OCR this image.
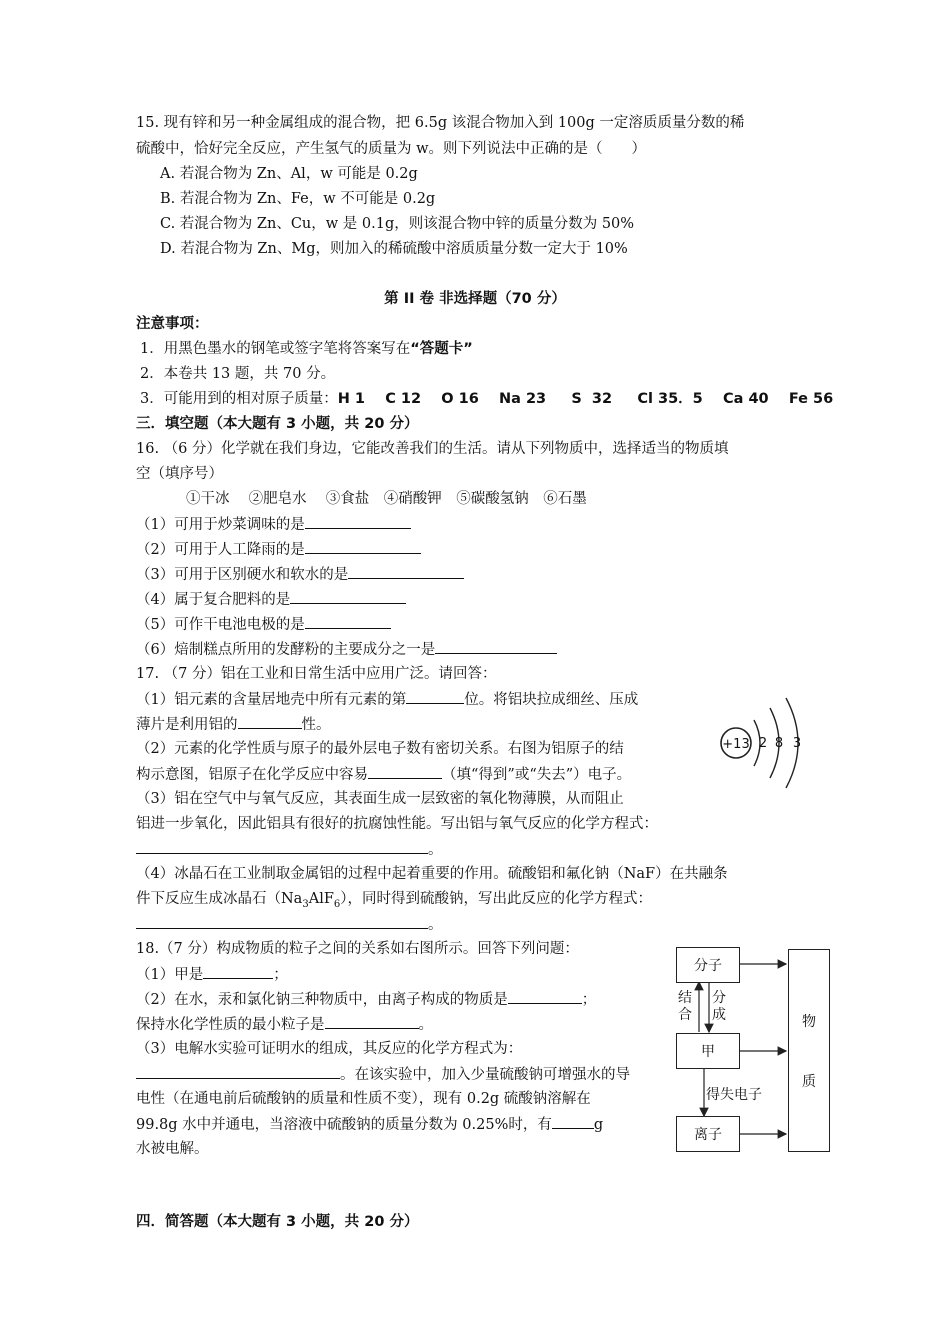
15. 现有锌和另一种金属组成的混合物，把 6.5g 该混合物加入到 100g 一定溶质质量分数的稀
硫酸中，恰好完全反应，产生氢气的质量为 w。则下列说法中正确的是（　　）
A. 若混合物为 Zn、Al，w 可能是 0.2g
B. 若混合物为 Zn、Fe，w 不可能是 0.2g
C. 若混合物为 Zn、Cu，w 是 0.1g，则该混合物中锌的质量分数为 50%
D. 若混合物为 Zn、Mg，则加入的稀硫酸中溶质质量分数一定大于 10%
第 II 卷 非选择题（70 分）
注意事项：
1．用黑色墨水的钢笔或签字笔将答案写在“答题卡”
2．本卷共 13 题，共 70 分。
3．可能用到的相对原子质量：H 1    C 12    O 16    Na 23     S  32     Cl 35．5    Ca 40    Fe 56
三．填空题（本大题有 3 小题，共 20 分）
16. （6 分）化学就在我们身边，它能改善我们的生活。请从下列物质中，选择适当的物质填
空（填序号）
①干冰　 ②肥皂水　 ③食盐　④硝酸钾　⑤碳酸氢钠　⑥石墨
（1）可用于炒菜调味的是
（2）可用于人工降雨的是
（3）可用于区别硬水和软水的是
（4）属于复合肥料的是
（5）可作干电池电极的是
（6）焙制糕点所用的发酵粉的主要成分之一是
17. （7 分）铝在工业和日常生活中应用广泛。请回答：
（1）铝元素的含量居地壳中所有元素的第	位。将铝块拉成细丝、压成
薄片是利用铝的	性。
（2）元素的化学性质与原子的最外层电子数有密切关系。右图为铝原子的结
构示意图，铝原子在化学反应中容易	（填“得到”或“失去”）电子。
（3）铝在空气中与氧气反应，其表面生成一层致密的氧化物薄膜，从而阻止
铝进一步氧化，因此铝具有很好的抗腐蚀性能。写出铝与氧气反应的化学方程式：
。
（4）冰晶石在工业制取金属铝的过程中起着重要的作用。硫酸铝和氟化钠（NaF）在共融条
件下反应生成冰晶石$(Na_3AlF_6)$，同时得到硫酸钠，写出此反应的化学方程式：
。
+13 2 8 3
18.（7 分）构成物质的粒子之间的关系如右图所示。回答下列问题：
（1）甲是	；
（2）在水，汞和氯化钠三种物质中，由离子构成的物质是	；
保持水化学性质的最小粒子是	。
（3）电解水实验可证明水的组成，其反应的化学方程式为：
。在该实验中，加入少量硫酸钠可增强水的导
电性（在通电前后硫酸钠的质量和性质不变），现有 0.2g 硫酸钠溶解在
99.8g 水中并通电，当溶液中硫酸钠的质量分数为 0.25%时，有	g
水被电解。
分子
甲
离子
物
质
结
合
分
成
得失电子
四．简答题（本大题有 3 小题，共 20 分）
